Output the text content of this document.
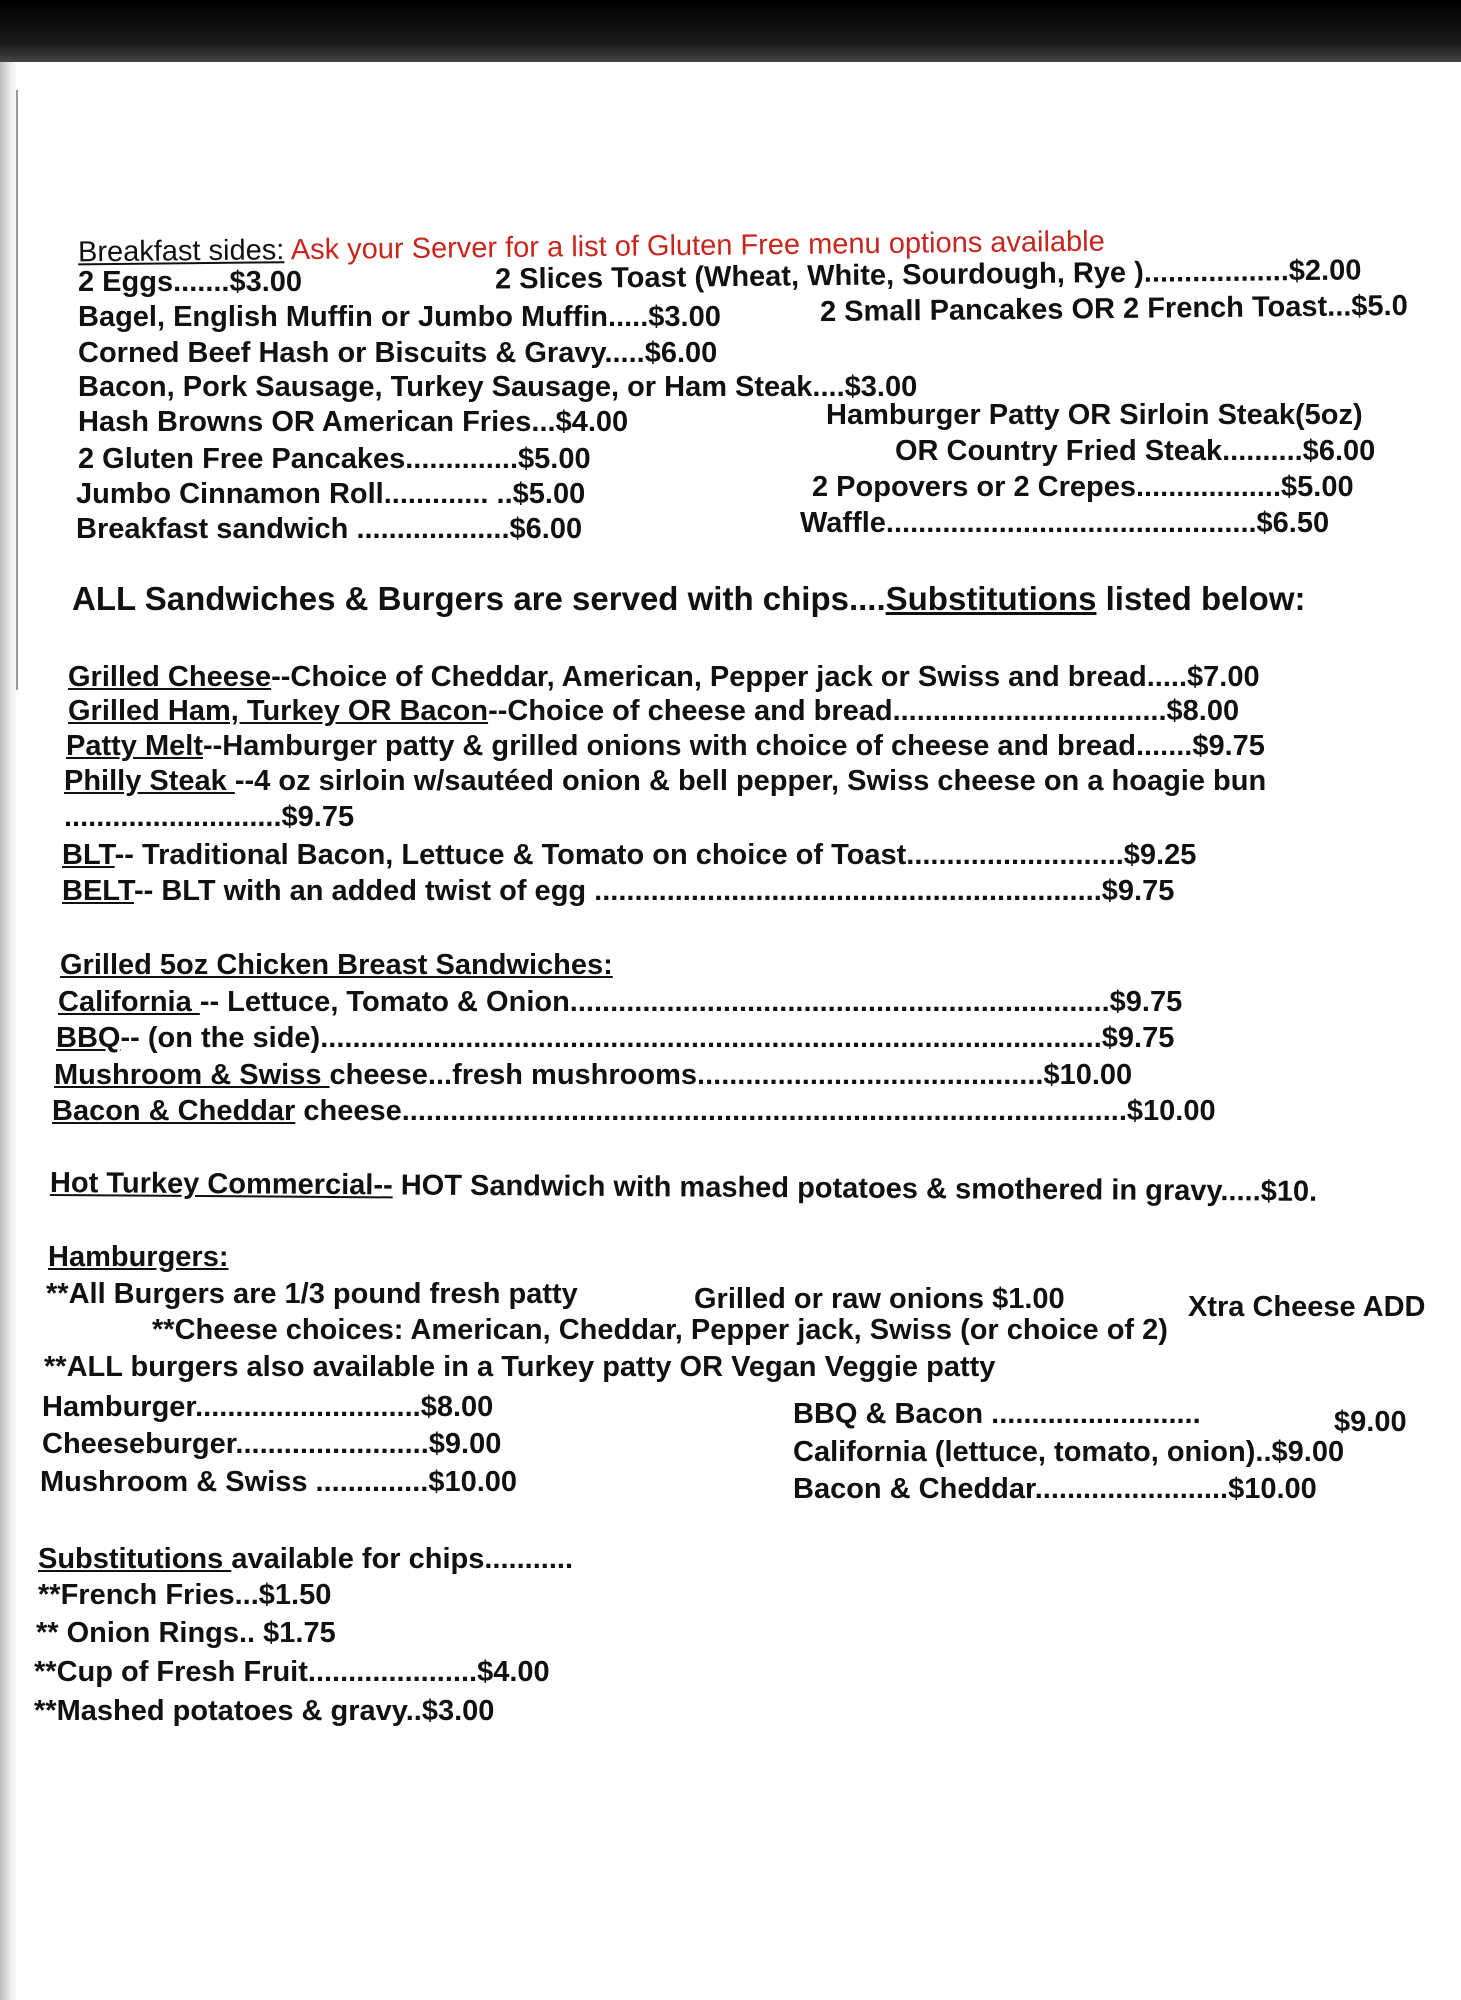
Breakfast sides: Ask your Server for a list of Gluten Free menu options available
2 Eggs.......$3.00	2 Slices Toast (Wheat, White, Sourdough, Rye )..................$2.00
Bagel, English Muffin or Jumbo Muffin.....$3.00	2 Small Pancakes OR 2 French Toast...$5.0
Corned Beef Hash or Biscuits & Gravy.....$6.00
Bacon, Pork Sausage, Turkey Sausage, or Ham Steak....$3.00
Hash Browns OR American Fries...$4.00	Hamburger Patty OR Sirloin Steak(5oz)
2 Gluten Free Pancakes..............$5.00	OR Country Fried Steak..........$6.00
Jumbo Cinnamon Roll............. ..$5.00	2 Popovers or 2 Crepes..................$5.00
Breakfast sandwich ...................$6.00	Waffle..............................................$6.50
ALL Sandwiches & Burgers are served with chips....Substitutions listed below:
Grilled Cheese--Choice of Cheddar, American, Pepper jack or Swiss and bread.....$7.00
Grilled Ham, Turkey OR Bacon--Choice of cheese and bread..................................$8.00
Patty Melt--Hamburger patty & grilled onions with choice of cheese and bread.......$9.75
Philly Steak --4 oz sirloin w/sautéed onion & bell pepper, Swiss cheese on a hoagie bun
...........................$9.75
BLT-- Traditional Bacon, Lettuce & Tomato on choice of Toast...........................$9.25
BELT-- BLT with an added twist of egg ...............................................................$9.75
Grilled 5oz Chicken Breast Sandwiches:
California -- Lettuce, Tomato & Onion...................................................................$9.75
BBQ-- (on the side).................................................................................................$9.75
Mushroom & Swiss cheese...fresh mushrooms...........................................$10.00
Bacon & Cheddar cheese..........................................................................................$10.00
Hot Turkey Commercial-- HOT Sandwich with mashed potatoes & smothered in gravy.....$10.
Hamburgers:
**All Burgers are 1/3 pound fresh patty	Grilled or raw onions $1.00	Xtra Cheese ADD
**Cheese choices: American, Cheddar, Pepper jack, Swiss (or choice of 2)
**ALL burgers also available in a Turkey patty OR Vegan Veggie patty
Hamburger............................$8.00	BBQ & Bacon ..........................	$9.00
Cheeseburger........................$9.00	California (lettuce, tomato, onion)..$9.00
Mushroom & Swiss ..............$10.00	Bacon & Cheddar........................$10.00
Substitutions available for chips...........
**French Fries...$1.50
** Onion Rings.. $1.75
**Cup of Fresh Fruit.....................$4.00
**Mashed potatoes & gravy..$3.00
